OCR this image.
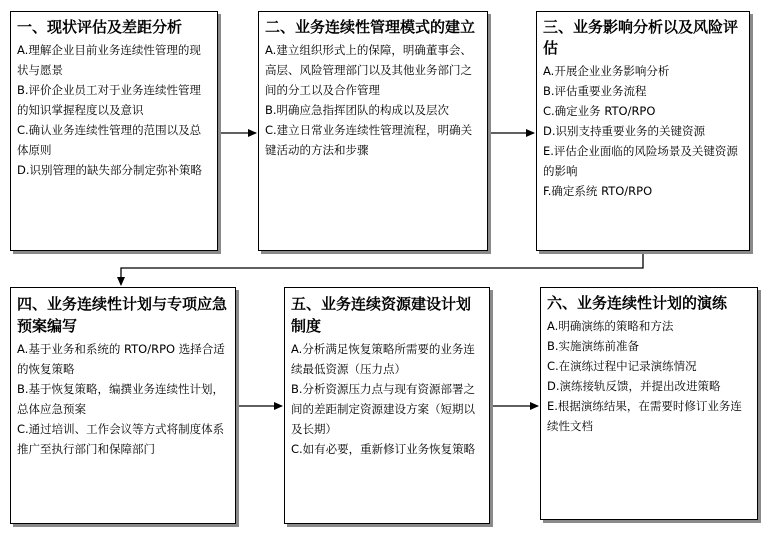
一、现状评估及差距分析
A.理解企业目前业务连续性管理的现状与愿景
B.评价企业员工对于业务连续性管理的知识掌握程度以及意识
C.确认业务连续性管理的范围以及总体原则
D.识别管理的缺失部分制定弥补策略
二、业务连续性管理模式的建立
A.建立组织形式上的保障，明确董事会、高层、风险管理部门以及其他业务部门之间的分工以及合作管理
B.明确应急指挥团队的构成以及层次
C.建立日常业务连续性管理流程，明确关键活动的方法和步骤
三、业务影响分析以及风险评估
A.开展企业业务影响分析
B.评估重要业务流程
C.确定业务 RTO/RPO
D.识别支持重要业务的关键资源
E.评估企业面临的风险场景及关键资源的影响
F.确定系统 RTO/RPO
四、业务连续性计划与专项应急预案编写
A.基于业务和系统的 RTO/RPO 选择合适的恢复策略
B.基于恢复策略，编撰业务连续性计划，总体应急预案
C.通过培训、工作会议等方式将制度体系推广至执行部门和保障部门
五、业务连续资源建设计划制度
A.分析满足恢复策略所需要的业务连续最低资源（压力点）
B.分析资源压力点与现有资源部署之间的差距制定资源建设方案（短期以及长期）
C.如有必要，重新修订业务恢复策略
六、业务连续性计划的演练
A.明确演练的策略和方法
B.实施演练前准备
C.在演练过程中记录演练情况
D.演练接轨反馈，并提出改进策略
E.根据演练结果，在需要时修订业务连续性文档
